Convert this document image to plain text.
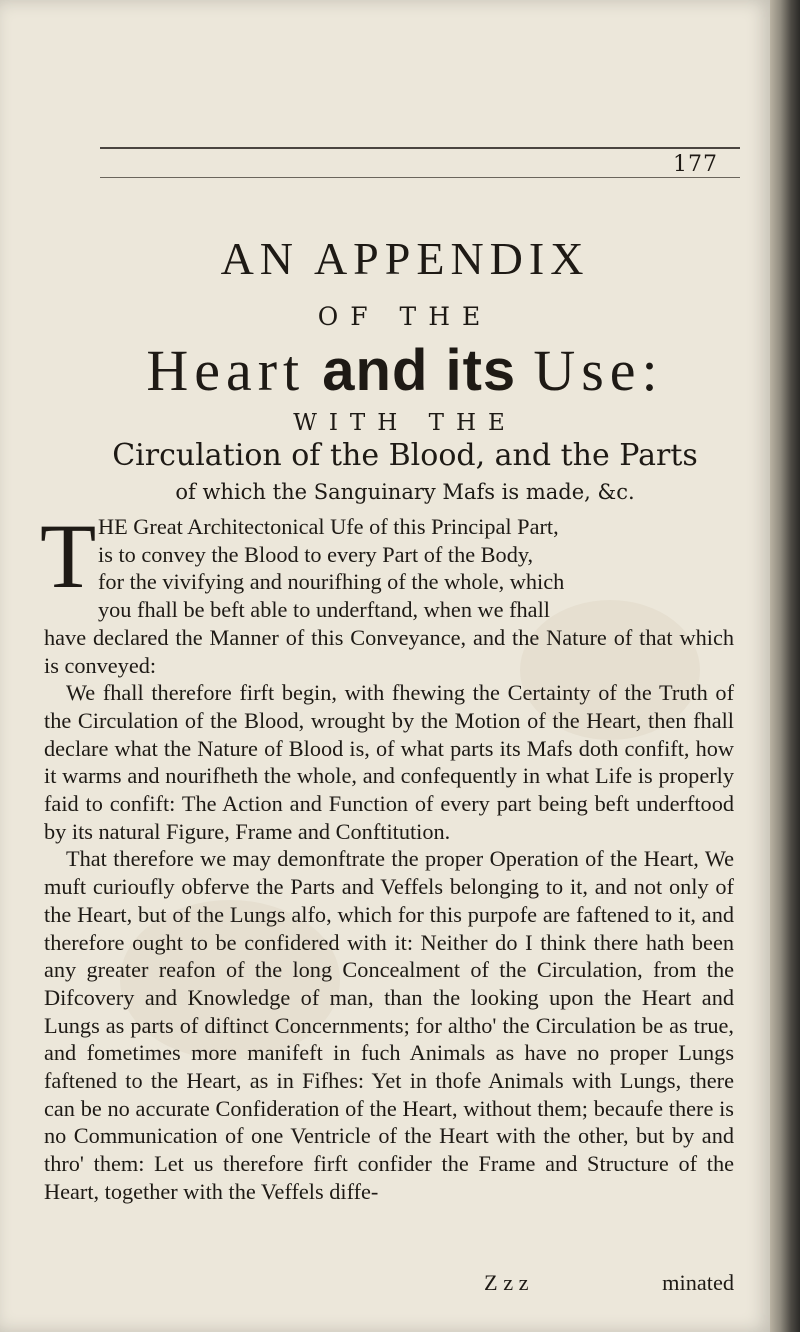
177
AN APPENDIX
OF THE
Heart and its Use:
WITH THE
Circulation of the Blood, and the Parts
of which the Sanguinary Mafs is made, &c.
T HE Great Architectonical Ufe of this Principal Part,

is to convey the Blood to every Part of the Body,

for the vivifying and nourifhing of the whole, which

you fhall be beft able to underftand, when we fhall

have declared the Manner of this Conveyance, and the Nature of that which is conveyed:

We fhall therefore firft begin, with fhewing the Certainty of the Truth of the Circulation of the Blood, wrought by the Motion of the Heart, then fhall declare what the Nature of Blood is, of what parts its Mafs doth confift, how it warms and nourifheth the whole, and confequently in what Life is properly faid to confift: The Action and Function of every part being beft underftood by its natural Figure, Frame and Conftitution.

That therefore we may demonftrate the proper Operation of the Heart, We muft curioufly obferve the Parts and Veffels belonging to it, and not only of the Heart, but of the Lungs alfo, which for this purpofe are faftened to it, and therefore ought to be confidered with it: Neither do I think there hath been any greater reafon of the long Concealment of the Circulation, from the Difcovery and Knowledge of man, than the looking upon the Heart and Lungs as parts of diftinct Concernments; for altho' the Circulation be as true, and fometimes more manifeft in fuch Animals as have no proper Lungs faftened to the Heart, as in Fifhes: Yet in thofe Animals with Lungs, there can be no accurate Confideration of the Heart, without them; becaufe there is no Communication of one Ventricle of the Heart with the other, but by and thro' them: Let us therefore firft confider the Frame and Structure of the Heart, together with the Veffels diffe-

Z z z	minated
